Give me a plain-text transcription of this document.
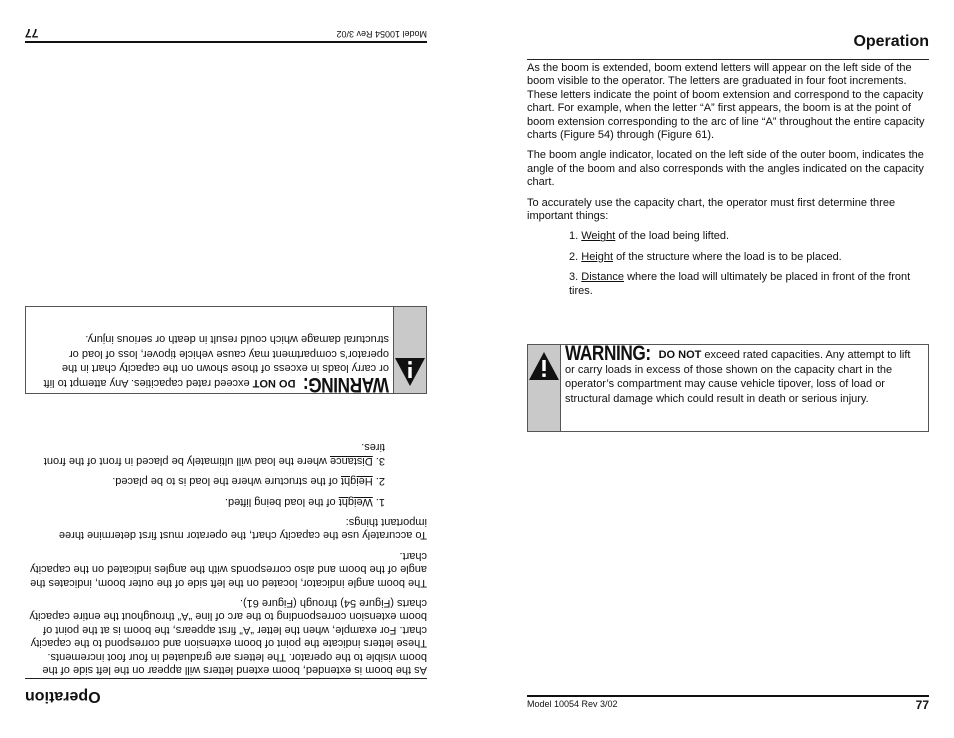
Operation

As the boom is extended, boom extend letters will appear on the left side of the boom visible to the operator. The letters are graduated in four foot increments. These letters indicate the point of boom extension and correspond to the capacity chart. For example, when the letter “A” first appears, the boom is at the point of boom extension corresponding to the arc of line “A” throughout the entire capacity charts (Figure 54) through (Figure 61).

The boom angle indicator, located on the left side of the outer boom, indicates the angle of the boom and also corresponds with the angles indicated on the capacity chart.

To accurately use the capacity chart, the operator must first determine three important things:

1. Weight of the load being lifted.
2. Height of the structure where the load is to be placed.
3. Distance where the load will ultimately be placed in front of the front tires.
WARNING: DO NOT exceed rated capacities. Any attempt to lift or carry loads in excess of those shown on the capacity chart in the operator’s compartment may cause vehicle tipover, loss of load or structural damage which could result in death or serious injury.
Model 10054 Rev 3/02
77	Operation

As the boom is extended, boom extend letters will appear on the left side of the boom visible to the operator. The letters are graduated in four foot increments. These letters indicate the point of boom extension and correspond to the capacity chart. For example, when the letter “A” first appears, the boom is at the point of boom extension corresponding to the arc of line “A” throughout the entire capacity charts (Figure 54) through (Figure 61).

The boom angle indicator, located on the left side of the outer boom, indicates the angle of the boom and also corresponds with the angles indicated on the capacity chart.

To accurately use the capacity chart, the operator must first determine three important things:

1. Weight of the load being lifted.
2. Height of the structure where the load is to be placed.
3. Distance where the load will ultimately be placed in front of the front tires.
WARNING: DO NOT exceed rated capacities. Any attempt to lift or carry loads in excess of those shown on the capacity chart in the operator’s compartment may cause vehicle tipover, loss of load or structural damage which could result in death or serious injury.
Model 10054 Rev 3/02	77
